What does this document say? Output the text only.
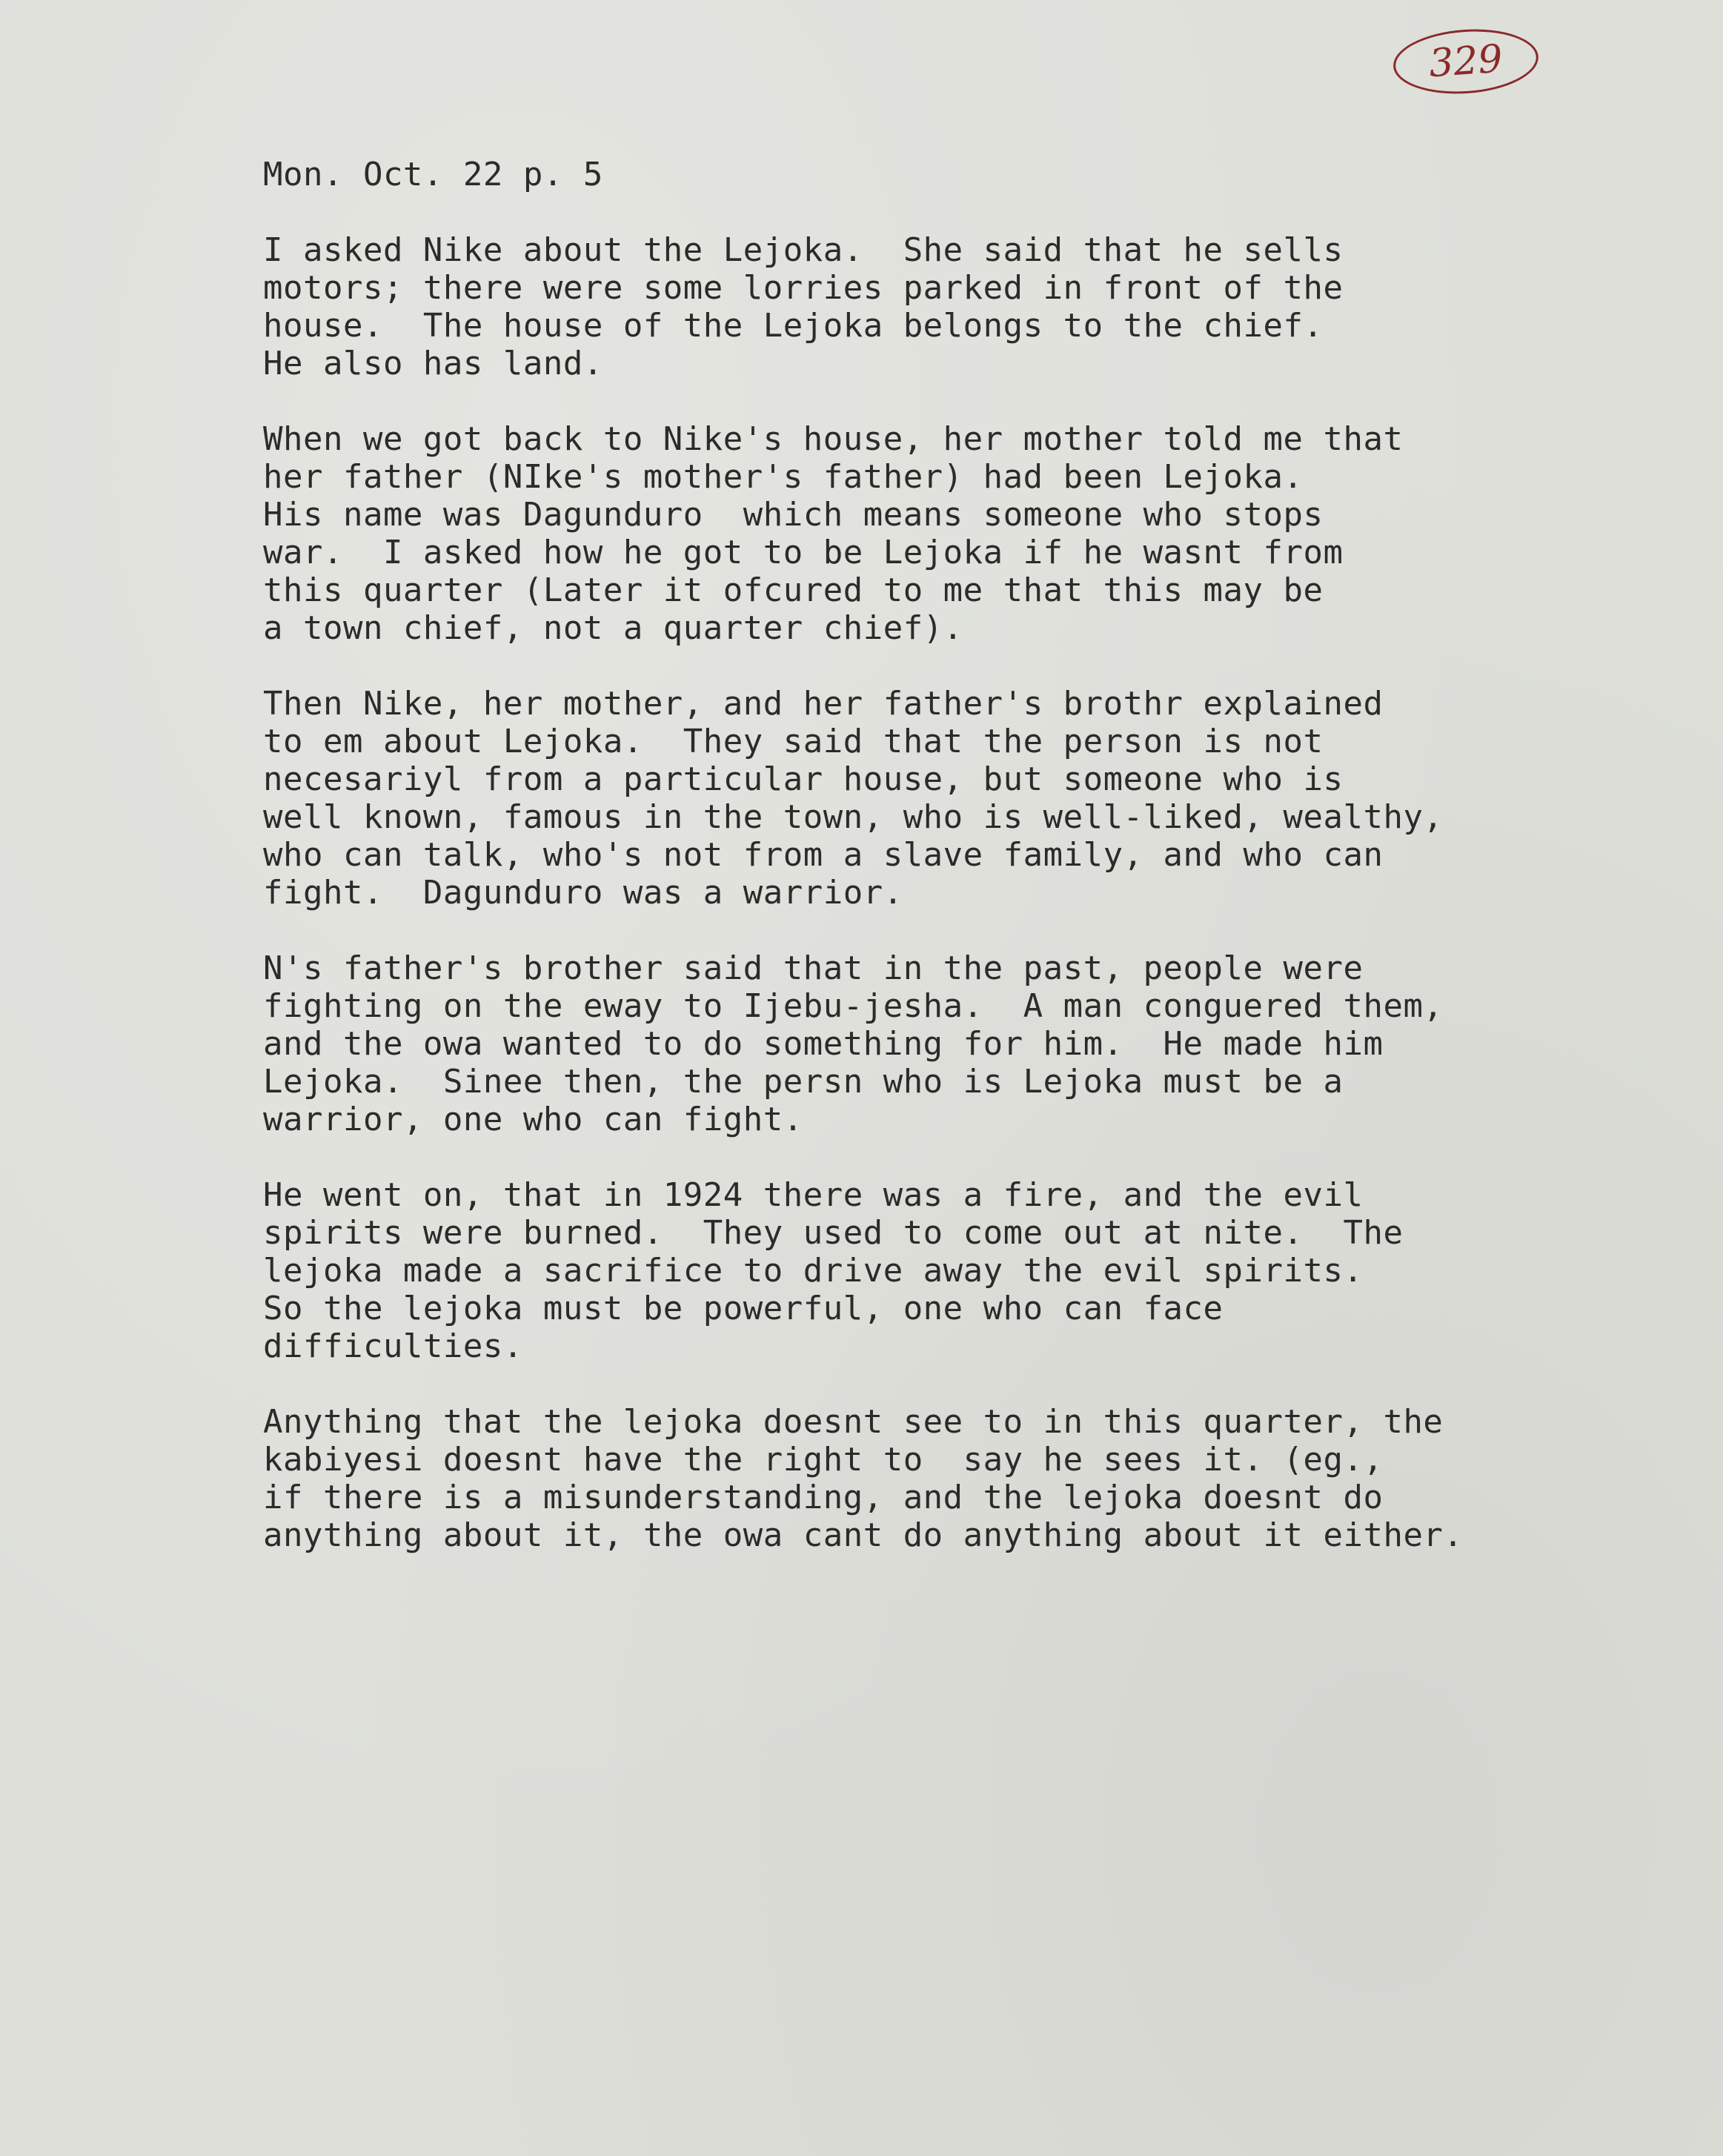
329
Mon. Oct. 22 p. 5
I asked Nike about the Lejoka.  She said that he sells
motors; there were some lorries parked in front of the
house.  The house of the Lejoka belongs to the chief.
He also has land.
When we got back to Nike's house, her mother told me that
her father (NIke's mother's father) had been Lejoka.
His name was Dagunduro  which means someone who stops
war.  I asked how he got to be Lejoka if he wasnt from
this quarter (Later it ofcured to me that this may be
a town chief, not a quarter chief).
Then Nike, her mother, and her father's brothr explained
to em about Lejoka.  They said that the person is not
necesariyl from a particular house, but someone who is
well known, famous in the town, who is well-liked, wealthy,
who can talk, who's not from a slave family, and who can
fight.  Dagunduro was a warrior.
N's father's brother said that in the past, people were
fighting on the eway to Ijebu-jesha.  A man conguered them,
and the owa wanted to do something for him.  He made him
Lejoka.  Sinee then, the persn who is Lejoka must be a
warrior, one who can fight.
He went on, that in 1924 there was a fire, and the evil
spirits were burned.  They used to come out at nite.  The
lejoka made a sacrifice to drive away the evil spirits.
So the lejoka must be powerful, one who can face
difficulties.
Anything that the lejoka doesnt see to in this quarter, the
kabiyesi doesnt have the right to  say he sees it. (eg.,
if there is a misunderstanding, and the lejoka doesnt do
anything about it, the owa cant do anything about it either.
